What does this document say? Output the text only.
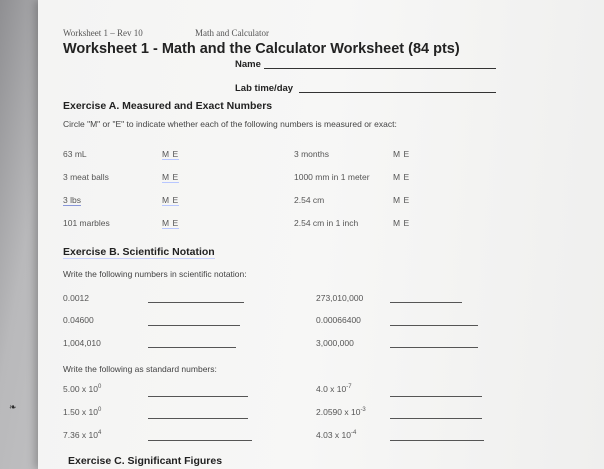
Worksheet 1 – Rev 10	Math and Calculator
Worksheet 1 - Math and the Calculator Worksheet (84 pts)
Name
Lab time/day
Exercise A. Measured and Exact Numbers
Circle "M" or "E" to indicate whether each of the following numbers is measured or exact:
63 mL	M E	3 months	M E
3 meat balls	M E	1000 mm in 1 meter	M E
3 lbs	M E	2.54 cm	M E
101 marbles	M E	2.54 cm in 1 inch	M E
Exercise B. Scientific Notation
Write the following numbers in scientific notation:
0.0012	273,010,000
0.04600	0.00066400
1,004,010	3,000,000
Write the following as standard numbers:
5.00 x $10^0$	4.0 x $10^{-7}$
1.50 x $10^0$	2.0590 x $10^{-3}$
7.36 x $10^4$	4.03 x $10^{-4}$
Exercise C. Significant Figures
❧
